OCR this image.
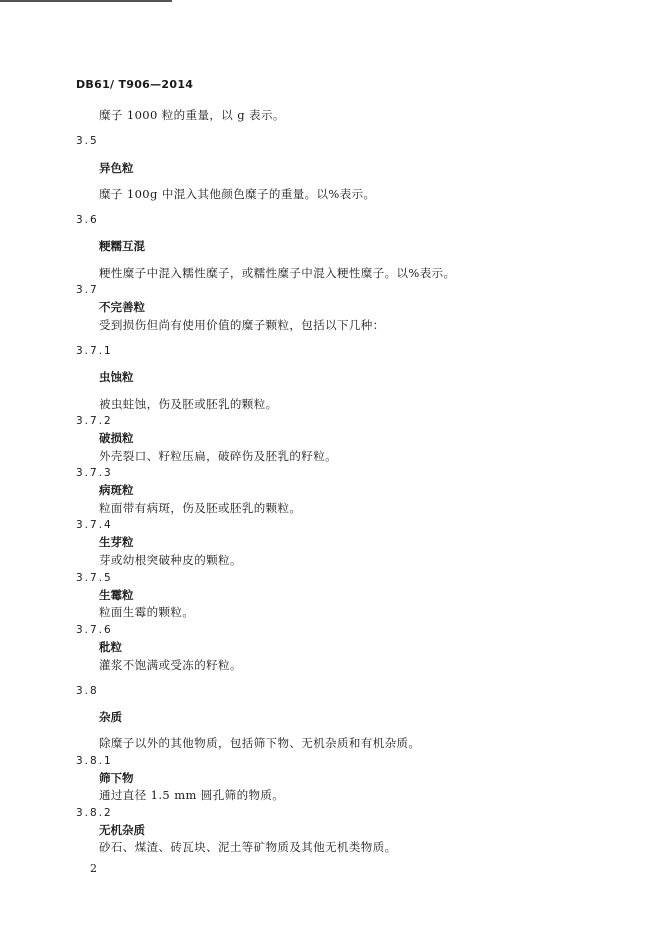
DB61/ T906—2014
糜子 1000 粒的重量，以 g 表示。
3.5
异色粒
糜子 100g 中混入其他颜色糜子的重量。以%表示。
3.6
粳糯互混
粳性糜子中混入糯性糜子，或糯性糜子中混入粳性糜子。以%表示。
3.7
不完善粒
受到损伤但尚有使用价值的糜子颗粒，包括以下几种：
3.7.1
虫蚀粒
被虫蛀蚀，伤及胚或胚乳的颗粒。
3.7.2
破损粒
外壳裂口、籽粒压扁，破碎伤及胚乳的籽粒。
3.7.3
病斑粒
粒面带有病斑，伤及胚或胚乳的颗粒。
3.7.4
生芽粒
芽或幼根突破种皮的颗粒。
3.7.5
生霉粒
粒面生霉的颗粒。
3.7.6
秕粒
灌浆不饱满或受冻的籽粒。
3.8
杂质
除糜子以外的其他物质，包括筛下物、无机杂质和有机杂质。
3.8.1
筛下物
通过直径 1.5 mm 圆孔筛的物质。
3.8.2
无机杂质
砂石、煤渣、砖瓦块、泥土等矿物质及其他无机类物质。
2
